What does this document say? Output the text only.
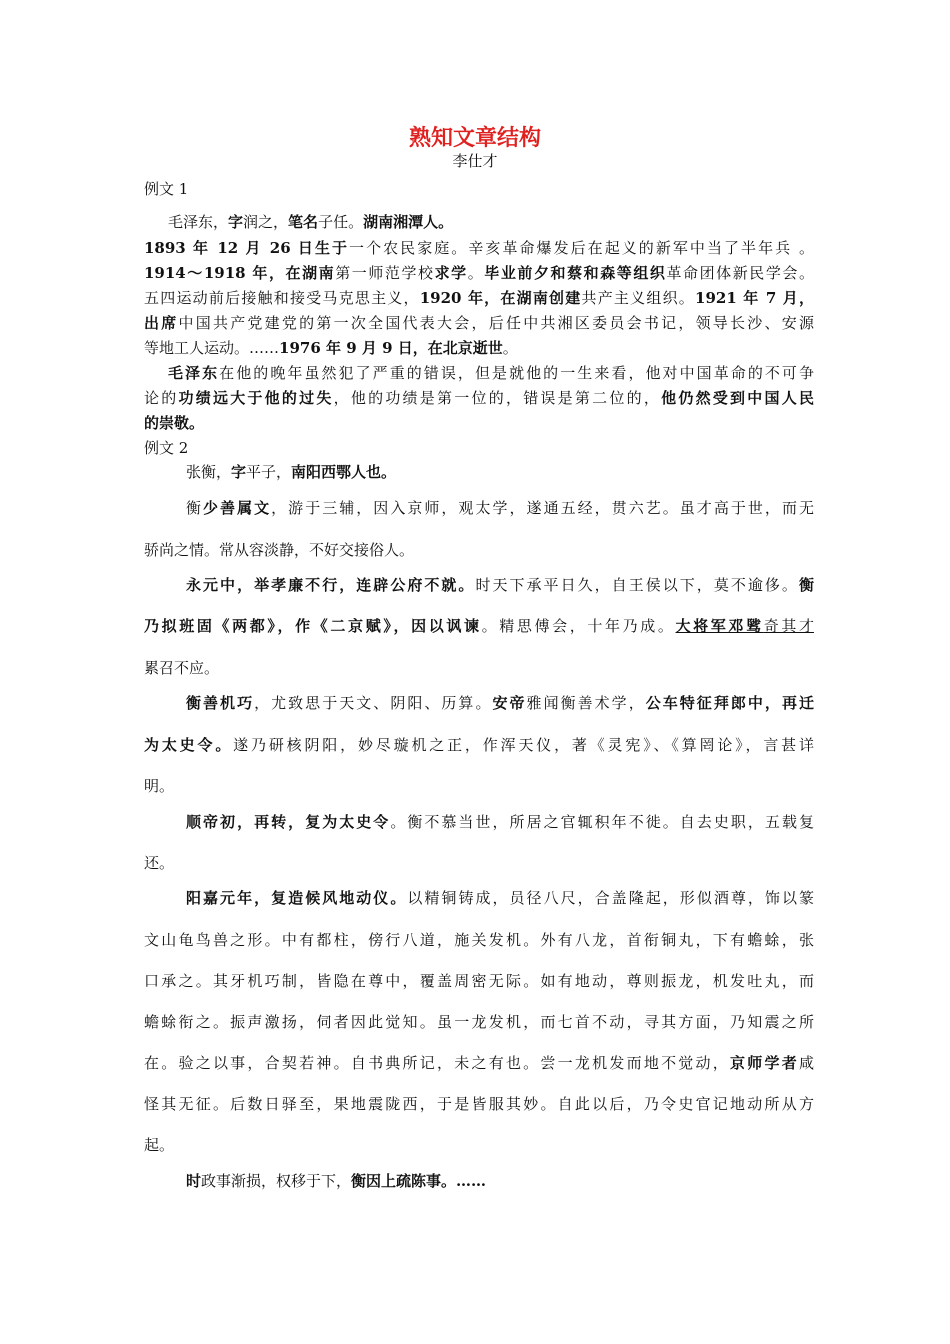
熟知文章结构
李仕才
例文 1
毛泽东，字润之，笔名子任。湖南湘潭人。
1893 年 12 月 26 日生于一个农民家庭。辛亥革命爆发后在起义的新军中当了半年兵 。
1914～1918 年，在湖南第一师范学校求学。毕业前夕和蔡和森等组织革命团体新民学会。
五四运动前后接触和接受马克思主义，1920 年，在湖南创建共产主义组织。1921 年 7 月，
出席中国共产党建党的第一次全国代表大会，后任中共湘区委员会书记，领导长沙、安源
等地工人运动。……1976 年 9 月 9 日，在北京逝世。
毛泽东在他的晚年虽然犯了严重的错误，但是就他的一生来看，他对中国革命的不可争
论的功绩远大于他的过失，他的功绩是第一位的，错误是第二位的，他仍然受到中国人民
的崇敬。
例文 2
张衡，字平子，南阳西鄂人也。
衡少善属文，游于三辅，因入京师，观太学，遂通五经，贯六艺。虽才高于世，而无
骄尚之情。常从容淡静，不好交接俗人。
永元中，举孝廉不行，连辟公府不就。时天下承平日久，自王侯以下，莫不逾侈。衡
乃拟班固《两都》，作《二京赋》，因以讽谏。精思傅会，十年乃成。大将军邓骘奇其才
累召不应。
衡善机巧，尤致思于天文、阴阳、历算。安帝雅闻衡善术学，公车特征拜郎中，再迁
为太史令。遂乃研核阴阳，妙尽璇机之正，作浑天仪，著《灵宪》、《算罔论》，言甚详
明。
顺帝初，再转，复为太史令。衡不慕当世，所居之官辄积年不徙。自去史职，五载复
还。
阳嘉元年，复造候风地动仪。以精铜铸成，员径八尺，合盖隆起，形似酒尊，饰以篆
文山龟鸟兽之形。中有都柱，傍行八道，施关发机。外有八龙，首衔铜丸，下有蟾蜍，张
口承之。其牙机巧制，皆隐在尊中，覆盖周密无际。如有地动，尊则振龙，机发吐丸，而
蟾蜍衔之。振声激扬，伺者因此觉知。虽一龙发机，而七首不动，寻其方面，乃知震之所
在。验之以事，合契若神。自书典所记，未之有也。尝一龙机发而地不觉动，京师学者咸
怪其无征。后数日驿至，果地震陇西，于是皆服其妙。自此以后，乃令史官记地动所从方
起。
时政事渐损，权移于下，衡因上疏陈事。……
